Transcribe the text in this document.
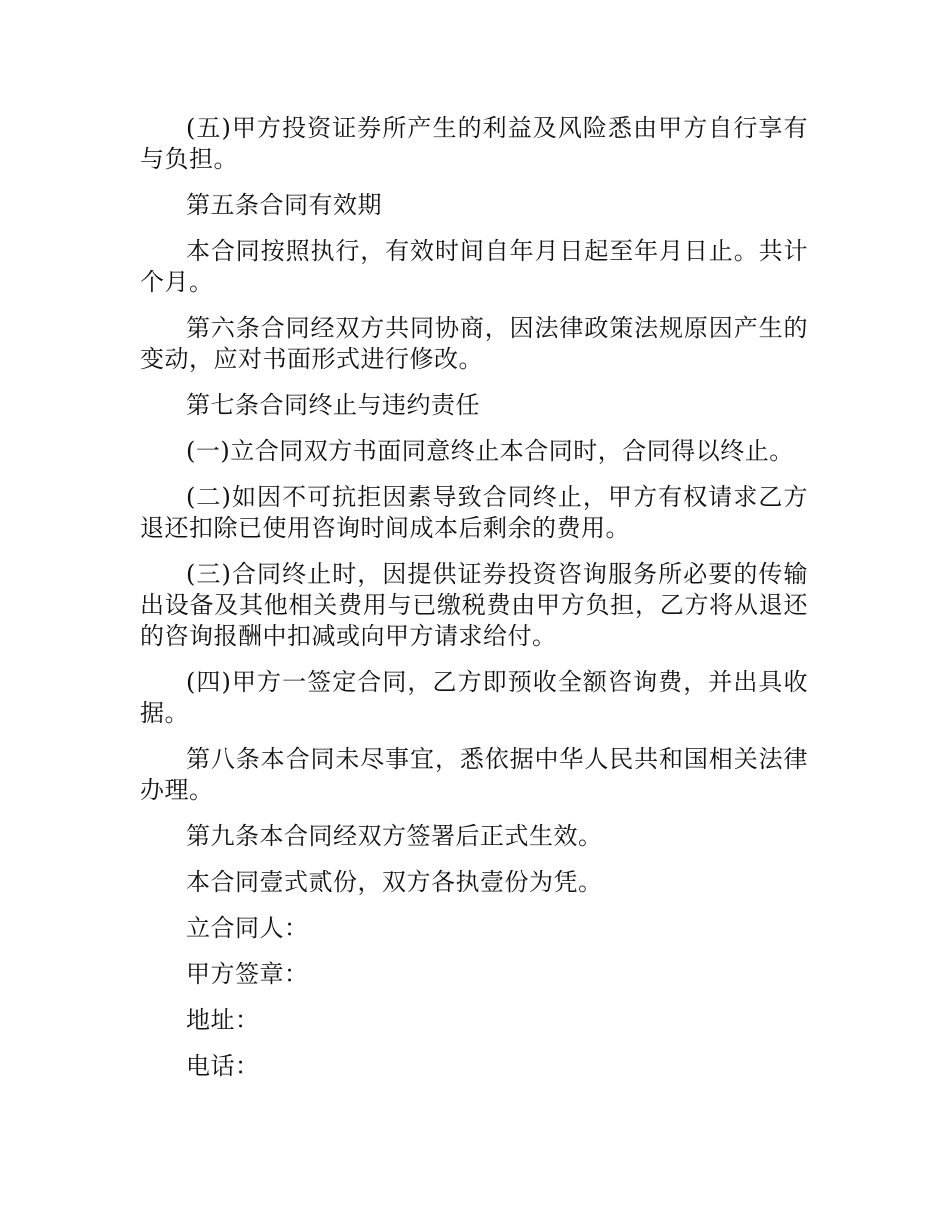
(五)甲方投资证券所产生的利益及风险悉由甲方自行享有与负担。

第五条合同有效期

本合同按照执行，有效时间自年月日起至年月日止。共计个月。

第六条合同经双方共同协商，因法律政策法规原因产生的变动，应对书面形式进行修改。

第七条合同终止与违约责任

(一)立合同双方书面同意终止本合同时，合同得以终止。

(二)如因不可抗拒因素导致合同终止，甲方有权请求乙方退还扣除已使用咨询时间成本后剩余的费用。

(三)合同终止时，因提供证券投资咨询服务所必要的传输出设备及其他相关费用与已缴税费由甲方负担，乙方将从退还的咨询报酬中扣减或向甲方请求给付。

(四)甲方一签定合同，乙方即预收全额咨询费，并出具收据。

第八条本合同未尽事宜，悉依据中华人民共和国相关法律办理。

第九条本合同经双方签署后正式生效。

本合同壹式贰份，双方各执壹份为凭。

立合同人：

甲方签章：

地址：

电话：
